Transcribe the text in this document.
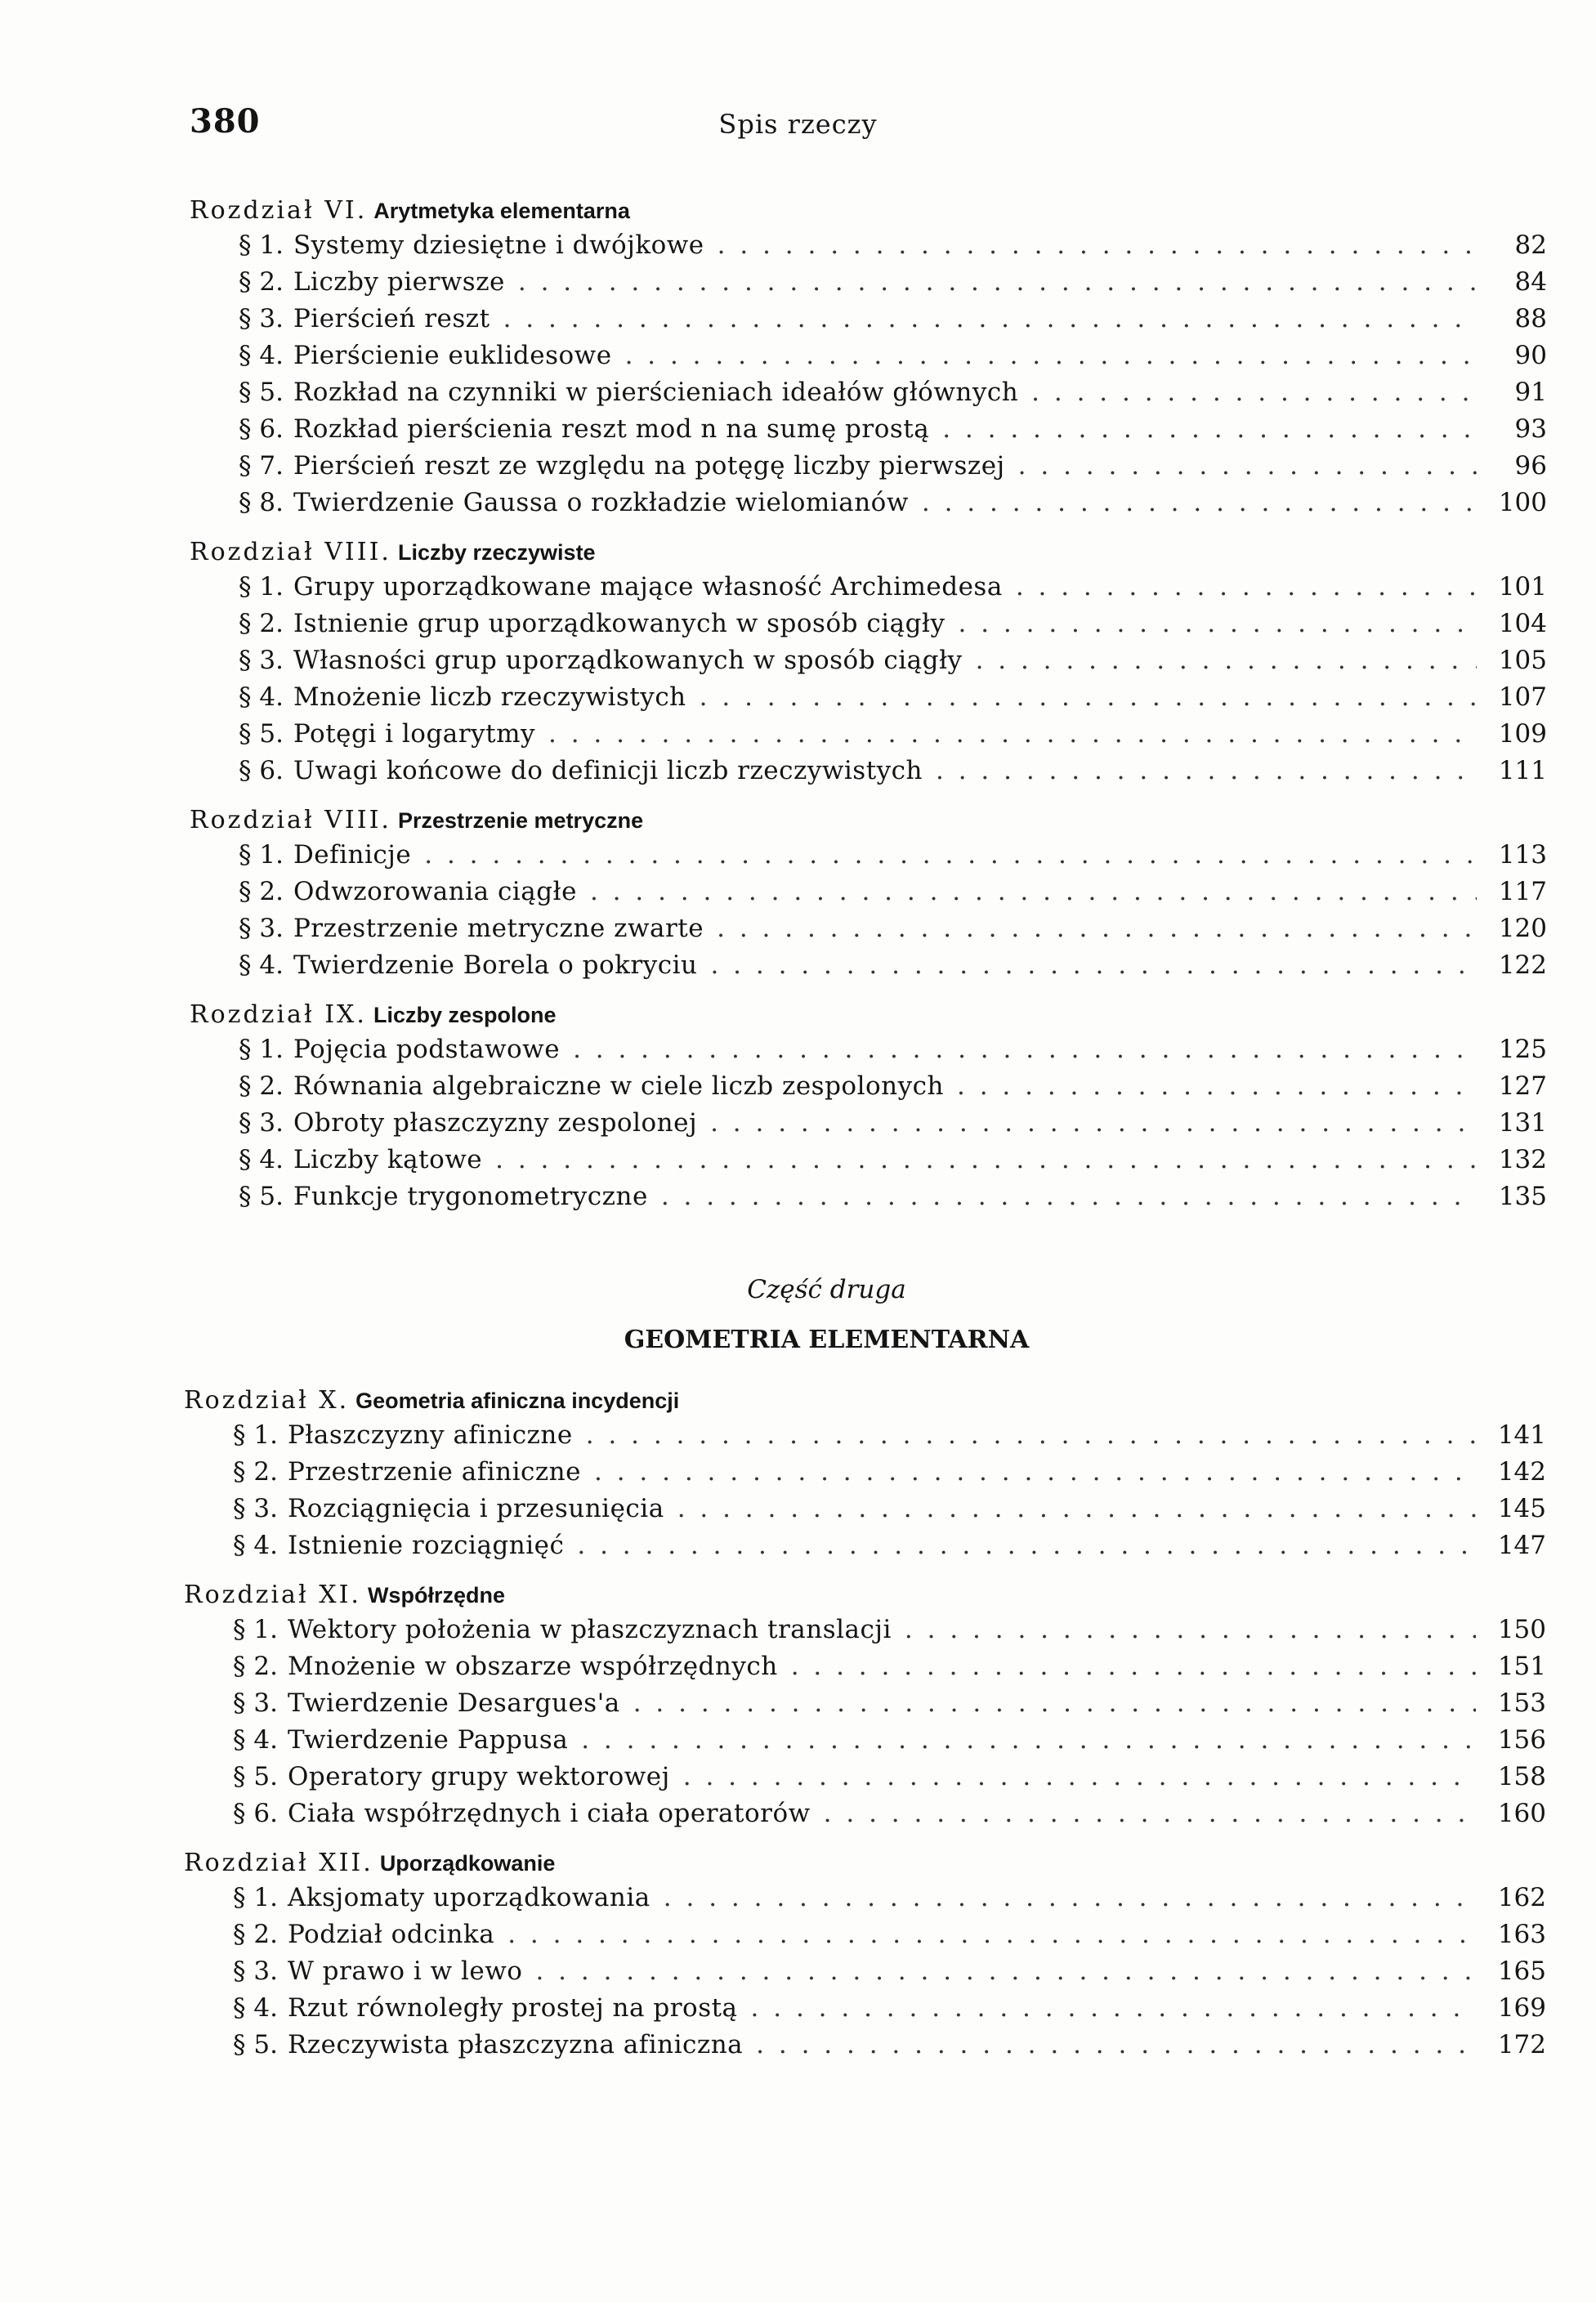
380	Spis rzeczy
Rozdział VI. Arytmetyka elementarna
§ 1. Systemy dziesiętne i dwójkowe . . .	82
§ 2. Liczby pierwsze . . .	84
§ 3. Pierścień reszt . . .	88
§ 4. Pierścienie euklidesowe . . .	90
§ 5. Rozkład na czynniki w pierścieniach ideałów głównych . . .	91
§ 6. Rozkład pierścienia reszt mod n na sumę prostą . . .	93
§ 7. Pierścień reszt ze względu na potęgę liczby pierwszej . . .	96
§ 8. Twierdzenie Gaussa o rozkładzie wielomianów . . .	100
Rozdział VIII. Liczby rzeczywiste
§ 1. Grupy uporządkowane mające własność Archimedesa . . .	101
§ 2. Istnienie grup uporządkowanych w sposób ciągły . . .	104
§ 3. Własności grup uporządkowanych w sposób ciągły . . .	105
§ 4. Mnożenie liczb rzeczywistych . . .	107
§ 5. Potęgi i logarytmy . . .	109
§ 6. Uwagi końcowe do definicji liczb rzeczywistych . . .	111
Rozdział VIII. Przestrzenie metryczne
§ 1. Definicje . . .	113
§ 2. Odwzorowania ciągłe . . .	117
§ 3. Przestrzenie metryczne zwarte . . .	120
§ 4. Twierdzenie Borela o pokryciu . . .	122
Rozdział IX. Liczby zespolone
§ 1. Pojęcia podstawowe . . .	125
§ 2. Równania algebraiczne w ciele liczb zespolonych . . .	127
§ 3. Obroty płaszczyzny zespolonej . . .	131
§ 4. Liczby kątowe . . .	132
§ 5. Funkcje trygonometryczne . . .	135
Część druga
GEOMETRIA ELEMENTARNA
Rozdział X. Geometria afiniczna incydencji
§ 1. Płaszczyzny afiniczne . . .	141
§ 2. Przestrzenie afiniczne . . .	142
§ 3. Rozciągnięcia i przesunięcia . . .	145
§ 4. Istnienie rozciągnięć . . .	147
Rozdział XI. Współrzędne
§ 1. Wektory położenia w płaszczyznach translacji . . .	150
§ 2. Mnożenie w obszarze współrzędnych . . .	151
§ 3. Twierdzenie Desargues'a . . .	153
§ 4. Twierdzenie Pappusa . . .	156
§ 5. Operatory grupy wektorowej . . .	158
§ 6. Ciała współrzędnych i ciała operatorów . . .	160
Rozdział XII. Uporządkowanie
§ 1. Aksjomaty uporządkowania . . .	162
§ 2. Podział odcinka . . .	163
§ 3. W prawo i w lewo . . .	165
§ 4. Rzut równoległy prostej na prostą . . .	169
§ 5. Rzeczywista płaszczyzna afiniczna . . .	172
